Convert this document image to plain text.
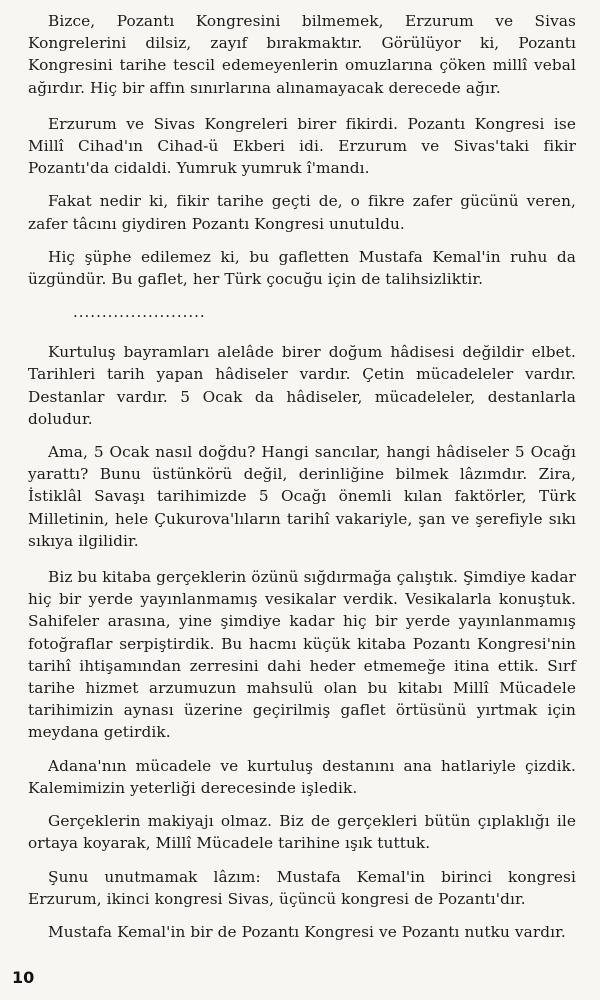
Bizce, Pozantı Kongresini bilmemek, Erzurum ve Sivas Kongrelerini dilsiz, zayıf bırakmaktır. Görülüyor ki, Pozantı Kongresini tarihe tescil edemeyenlerin omuzlarına çöken millî vebal ağırdır. Hiç bir affın sınırlarına alınamayacak derecede ağır.

Erzurum ve Sivas Kongreleri birer fikirdi. Pozantı Kongresi ise Millî Cihad'ın Cihad-ü Ekberi idi. Erzurum ve Sivas'taki fikir Pozantı'da cidaldi. Yumruk yumruk î'mandı.

Fakat nedir ki, fikir tarihe geçti de, o fikre zafer gücünü veren, zafer tâcını giydiren Pozantı Kongresi unutuldu.

Hiç şüphe edilemez ki, bu gafletten Mustafa Kemal'in ruhu da üzgündür. Bu gaflet, her Türk çocuğu için de talihsizliktir.

.......................

Kurtuluş bayramları alelâde birer doğum hâdisesi değildir elbet. Tarihleri tarih yapan hâdiseler vardır. Çetin mücadeleler vardır. Destanlar vardır. 5 Ocak da hâdiseler, mücadeleler, destanlarla doludur.

Ama, 5 Ocak nasıl doğdu? Hangi sancılar, hangi hâdiseler 5 Ocağı yarattı? Bunu üstünkörü değil, derinliğine bilmek lâzımdır. Zira, İstiklâl Savaşı tarihimizde 5 Ocağı önemli kılan faktörler, Türk Milletinin, hele Çukurova'lıların tarihî vakariyle, şan ve şerefiyle sıkı sıkıya ilgilidir.

Biz bu kitaba gerçeklerin özünü sığdırmağa çalıştık. Şimdiye kadar hiç bir yerde yayınlanmamış vesikalar verdik. Vesikalarla konuştuk. Sahifeler arasına, yine şimdiye kadar hiç bir yerde yayınlanmamış fotoğraflar serpiştirdik. Bu hacmı küçük kitaba Pozantı Kongresi'nin tarihî ihtişamından zerresini dahi heder etmemeğe itina ettik. Sırf tarihe hizmet arzumuzun mahsulü olan bu kitabı Millî Mücadele tarihimizin aynası üzerine geçirilmiş gaflet örtüsünü yırtmak için meydana getirdik.

Adana'nın mücadele ve kurtuluş destanını ana hatlariyle çizdik. Kalemimizin yeterliği derecesinde işledik.

Gerçeklerin makiyajı olmaz. Biz de gerçekleri bütün çıplaklığı ile ortaya koyarak, Millî Mücadele tarihine ışık tuttuk.

Şunu unutmamak lâzım: Mustafa Kemal'in birinci kongresi Erzurum, ikinci kongresi Sivas, üçüncü kongresi de Pozantı'dır.

Mustafa Kemal'in bir de Pozantı Kongresi ve Pozantı nutku vardır.

10
